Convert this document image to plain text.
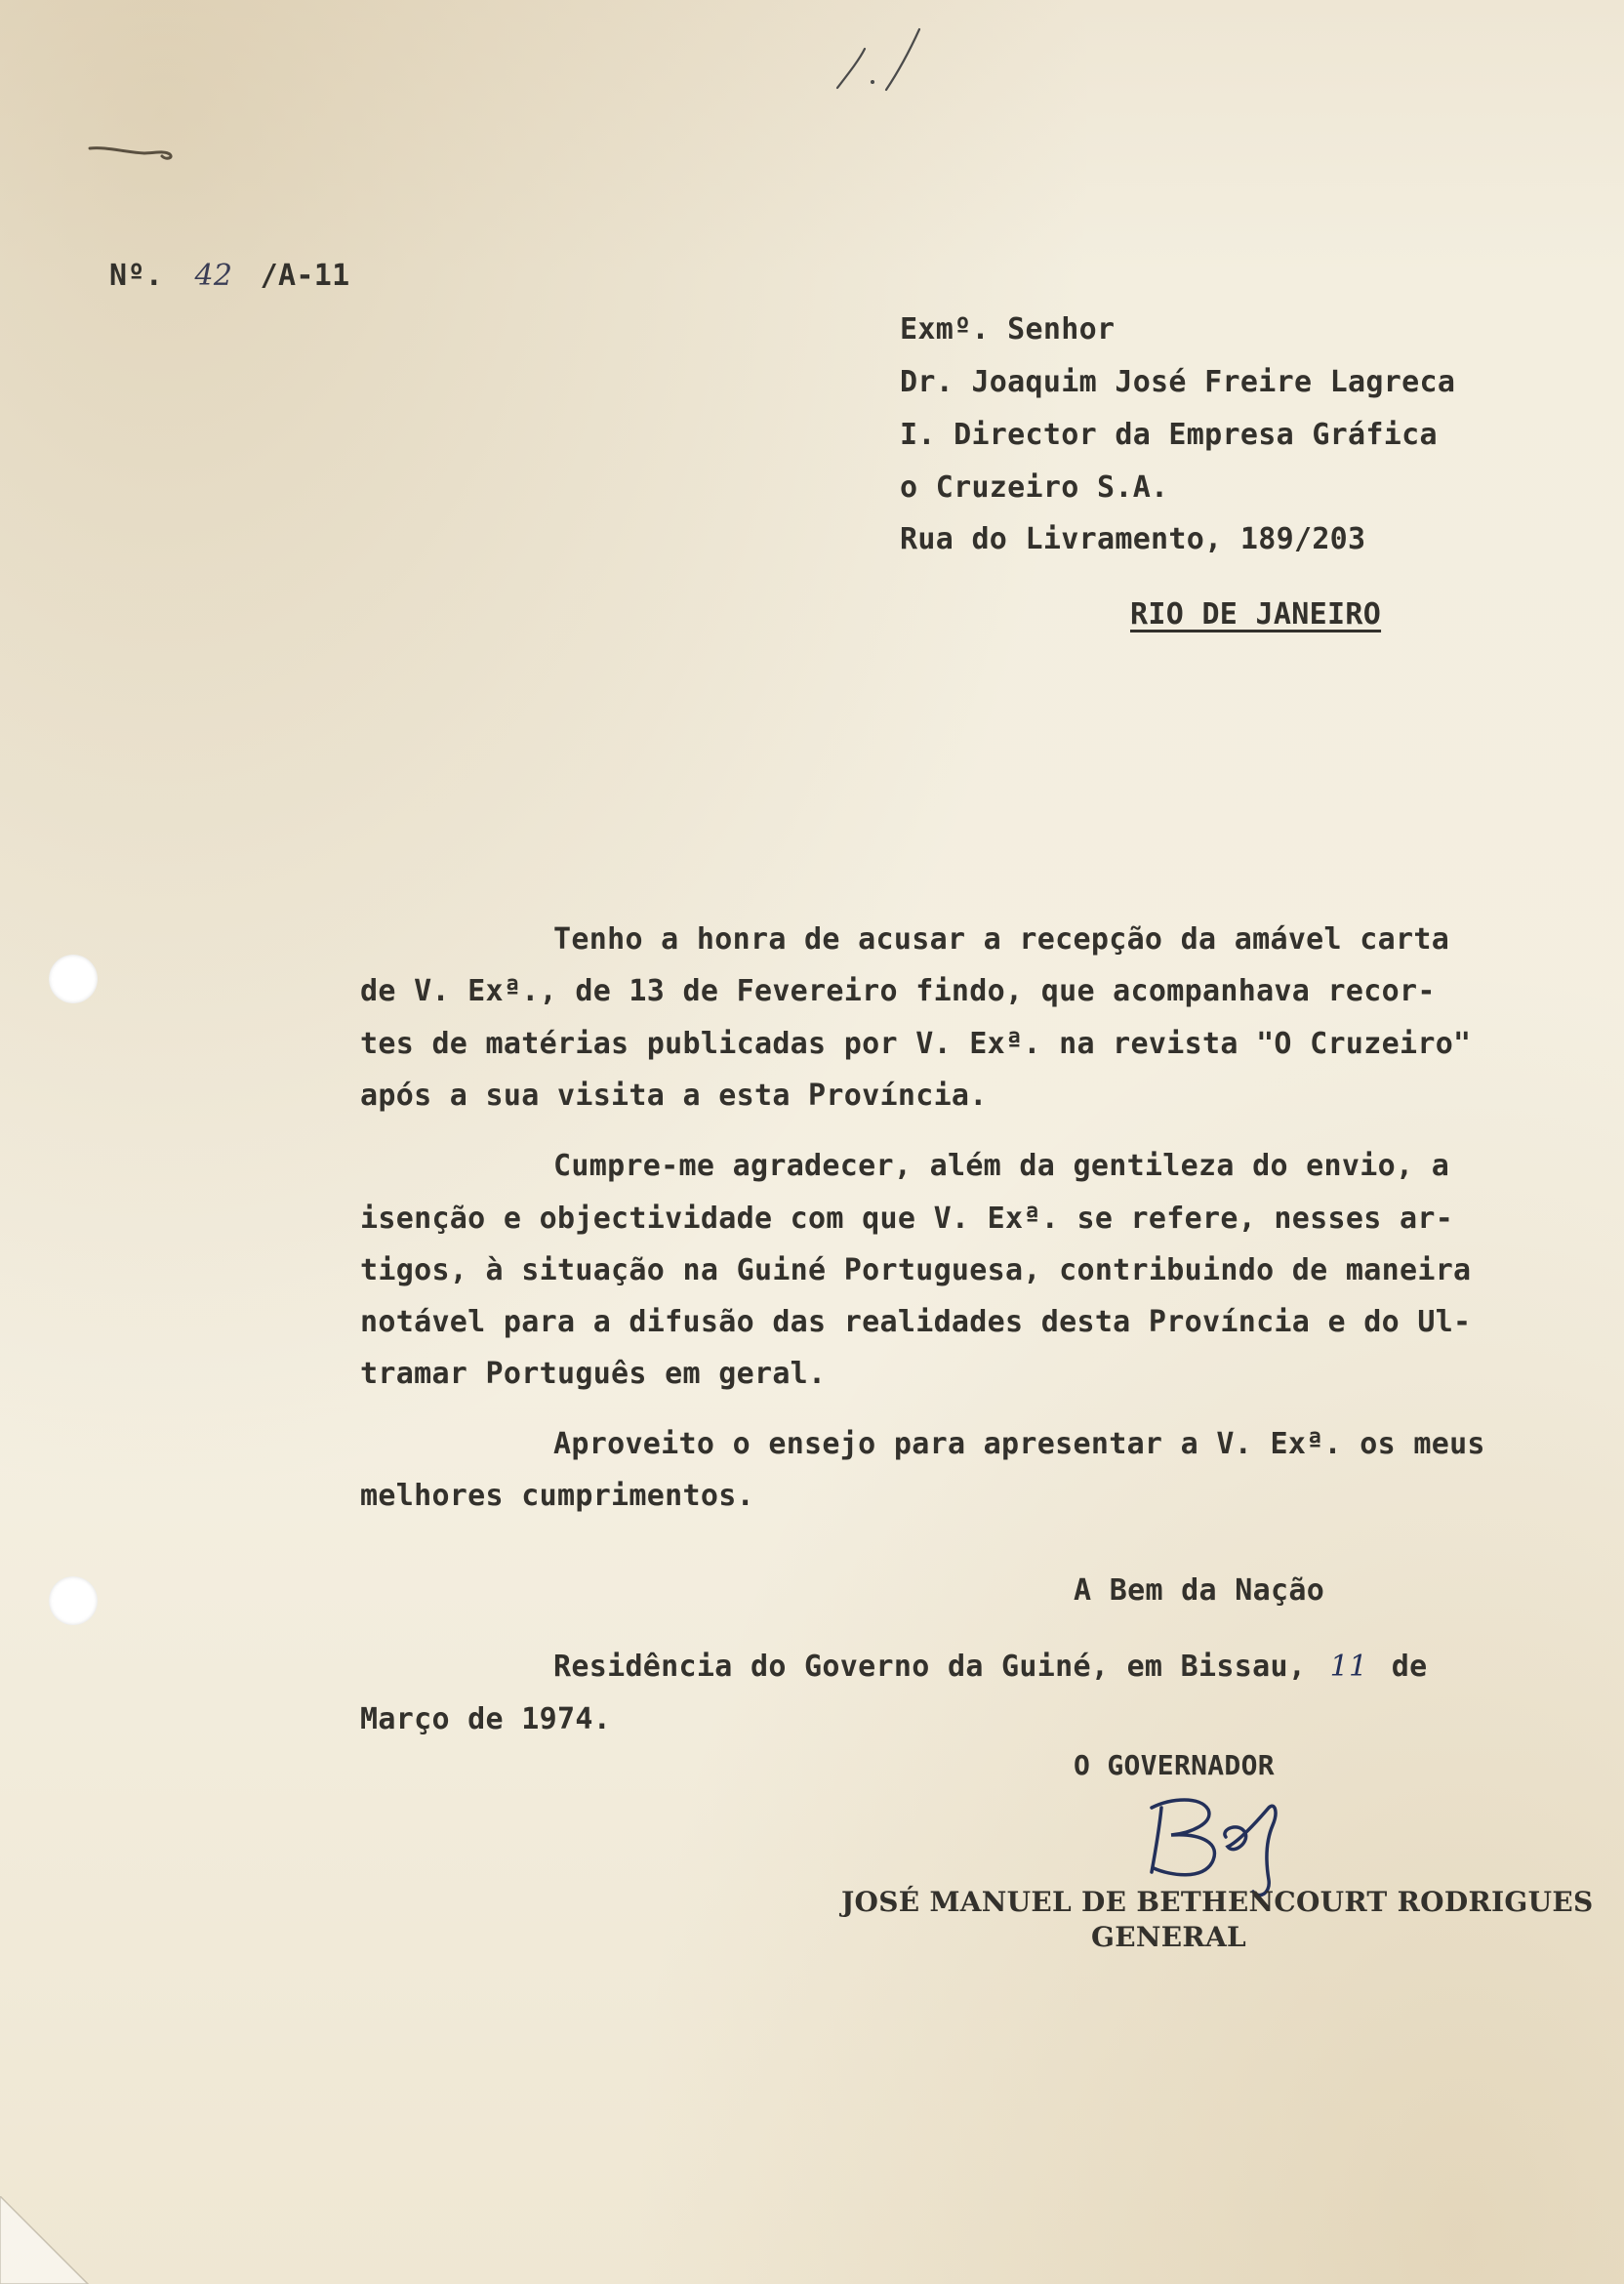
Nº. 42 /A-11
Exmº. Senhor
Dr. Joaquim José Freire Lagreca
I. Director da Empresa Gráfica
o Cruzeiro S.A.
Rua do Livramento, 189/203
RIO DE JANEIRO
Tenho a honra de acusar a recepção da amável carta
de V. Exª., de 13 de Fevereiro findo, que acompanhava recor-
tes de matérias publicadas por V. Exª. na revista "O Cruzeiro"
após a sua visita a esta Província.
Cumpre-me agradecer, além da gentileza do envio, a
isenção e objectividade com que V. Exª. se refere, nesses ar-
tigos, à situação na Guiné Portuguesa, contribuindo de maneira
notável para a difusão das realidades desta Província e do Ul-
tramar Português em geral.
Aproveito o ensejo para apresentar a V. Exª. os meus
melhores cumprimentos.
A Bem da Nação
Residência do Governo da Guiné, em Bissau, 11 de
Março de 1974.
O GOVERNADOR
JOSÉ MANUEL DE BETHENCOURT RODRIGUES
GENERAL
